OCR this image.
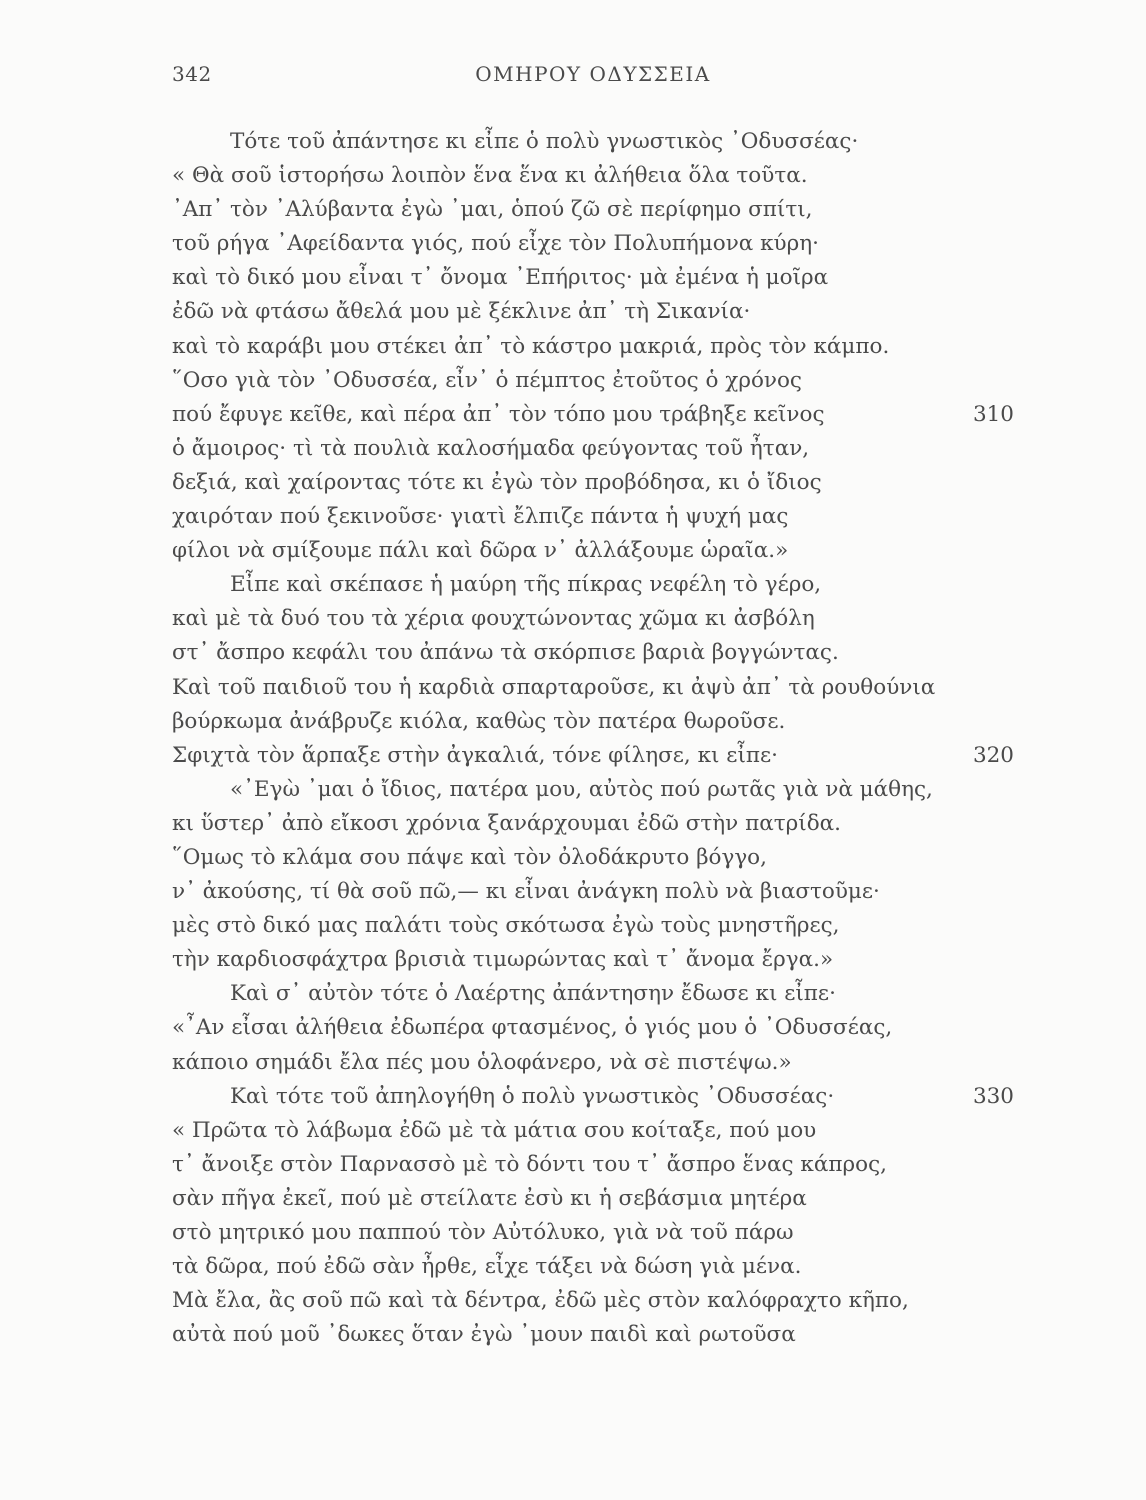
342	ΟΜΗΡΟΥ ΟΔΥΣΣΕΙΑ
Τότε τοῦ ἀπάντησε κι εἶπε ὁ πολὺ γνωστικὸς ᾿Οδυσσέας·
« Θὰ σοῦ ἱστορήσω λοιπὸν ἕνα ἕνα κι ἀλήθεια ὅλα τοῦτα.
᾿Απ᾿ τὸν ᾿Αλύβαντα ἐγὼ ᾿μαι, ὁπού ζῶ σὲ περίφημο σπίτι,
τοῦ ρήγα ᾿Αφείδαντα γιός, πού εἶχε τὸν Πολυπήμονα κύρη·
καὶ τὸ δικό μου εἶναι τ᾿ ὄνομα ᾿Επήριτος· μὰ ἐμένα ἡ μοῖρα
ἐδῶ νὰ φτάσω ἄθελά μου μὲ ξέκλινε ἀπ᾿ τὴ Σικανία·
καὶ τὸ καράβι μου στέκει ἀπ᾿ τὸ κάστρο μακριά, πρὸς τὸν κάμπο.
῞Οσο γιὰ τὸν ᾿Οδυσσέα, εἶν᾿ ὁ πέμπτος ἐτοῦτος ὁ χρόνος
πού ἔφυγε κεῖθε, καὶ πέρα ἀπ᾿ τὸν τόπο μου τράβηξε κεῖνος	310
ὁ ἄμοιρος· τὶ τὰ πουλιὰ καλοσήμαδα φεύγοντας τοῦ ἦταν,
δεξιά, καὶ χαίροντας τότε κι ἐγὼ τὸν προβόδησα, κι ὁ ἴδιος
χαιρόταν πού ξεκινοῦσε· γιατὶ ἔλπιζε πάντα ἡ ψυχή μας
φίλοι νὰ σμίξουμε πάλι καὶ δῶρα ν᾿ ἀλλάξουμε ὡραῖα.»
Εἶπε καὶ σκέπασε ἡ μαύρη τῆς πίκρας νεφέλη τὸ γέρο,
καὶ μὲ τὰ δυό του τὰ χέρια φουχτώνοντας χῶμα κι ἀσβόλη
στ᾿ ἄσπρο κεφάλι του ἀπάνω τὰ σκόρπισε βαριὰ βογγώντας.
Καὶ τοῦ παιδιοῦ του ἡ καρδιὰ σπαρταροῦσε, κι ἀψὺ ἀπ᾿ τὰ ρουθούνια
βούρκωμα ἀνάβρυζε κιόλα, καθὼς τὸν πατέρα θωροῦσε.
Σφιχτὰ τὸν ἅρπαξε στὴν ἀγκαλιά, τόνε φίλησε, κι εἶπε·	320
«᾿Εγὼ ᾿μαι ὁ ἴδιος, πατέρα μου, αὐτὸς πού ρωτᾶς γιὰ νὰ μάθης,
κι ὕστερ᾿ ἀπὸ εἴκοσι χρόνια ξανάρχουμαι ἐδῶ στὴν πατρίδα.
῞Ομως τὸ κλάμα σου πάψε καὶ τὸν ὀλοδάκρυτο βόγγο,
ν᾿ ἀκούσης, τί θὰ σοῦ πῶ,— κι εἶναι ἀνάγκη πολὺ νὰ βιαστοῦμε·
μὲς στὸ δικό μας παλάτι τοὺς σκότωσα ἐγὼ τοὺς μνηστῆρες,
τὴν καρδιοσφάχτρα βρισιὰ τιμωρώντας καὶ τ᾿ ἄνομα ἔργα.»
Καὶ σ᾿ αὐτὸν τότε ὁ Λαέρτης ἀπάντησην ἔδωσε κι εἶπε·
«῏Αν εἶσαι ἀλήθεια ἐδωπέρα φτασμένος, ὁ γιός μου ὁ ᾿Οδυσσέας,
κάποιο σημάδι ἔλα πές μου ὁλοφάνερο, νὰ σὲ πιστέψω.»
Καὶ τότε τοῦ ἀπηλογήθη ὁ πολὺ γνωστικὸς ᾿Οδυσσέας·	330
« Πρῶτα τὸ λάβωμα ἐδῶ μὲ τὰ μάτια σου κοίταξε, πού μου
τ᾿ ἄνοιξε στὸν Παρνασσὸ μὲ τὸ δόντι του τ᾿ ἄσπρο ἕνας κάπρος,
σὰν πῆγα ἐκεῖ, πού μὲ στείλατε ἐσὺ κι ἡ σεβάσμια μητέρα
στὸ μητρικό μου παππού τὸν Αὐτόλυκο, γιὰ νὰ τοῦ πάρω
τὰ δῶρα, πού ἐδῶ σὰν ἦρθε, εἶχε τάξει νὰ δώση γιὰ μένα.
Μὰ ἔλα, ἂς σοῦ πῶ καὶ τὰ δέντρα, ἐδῶ μὲς στὸν καλόφραχτο κῆπο,
αὐτὰ πού μοῦ ᾿δωκες ὅταν ἐγὼ ᾿μουν παιδὶ καὶ ρωτοῦσα
